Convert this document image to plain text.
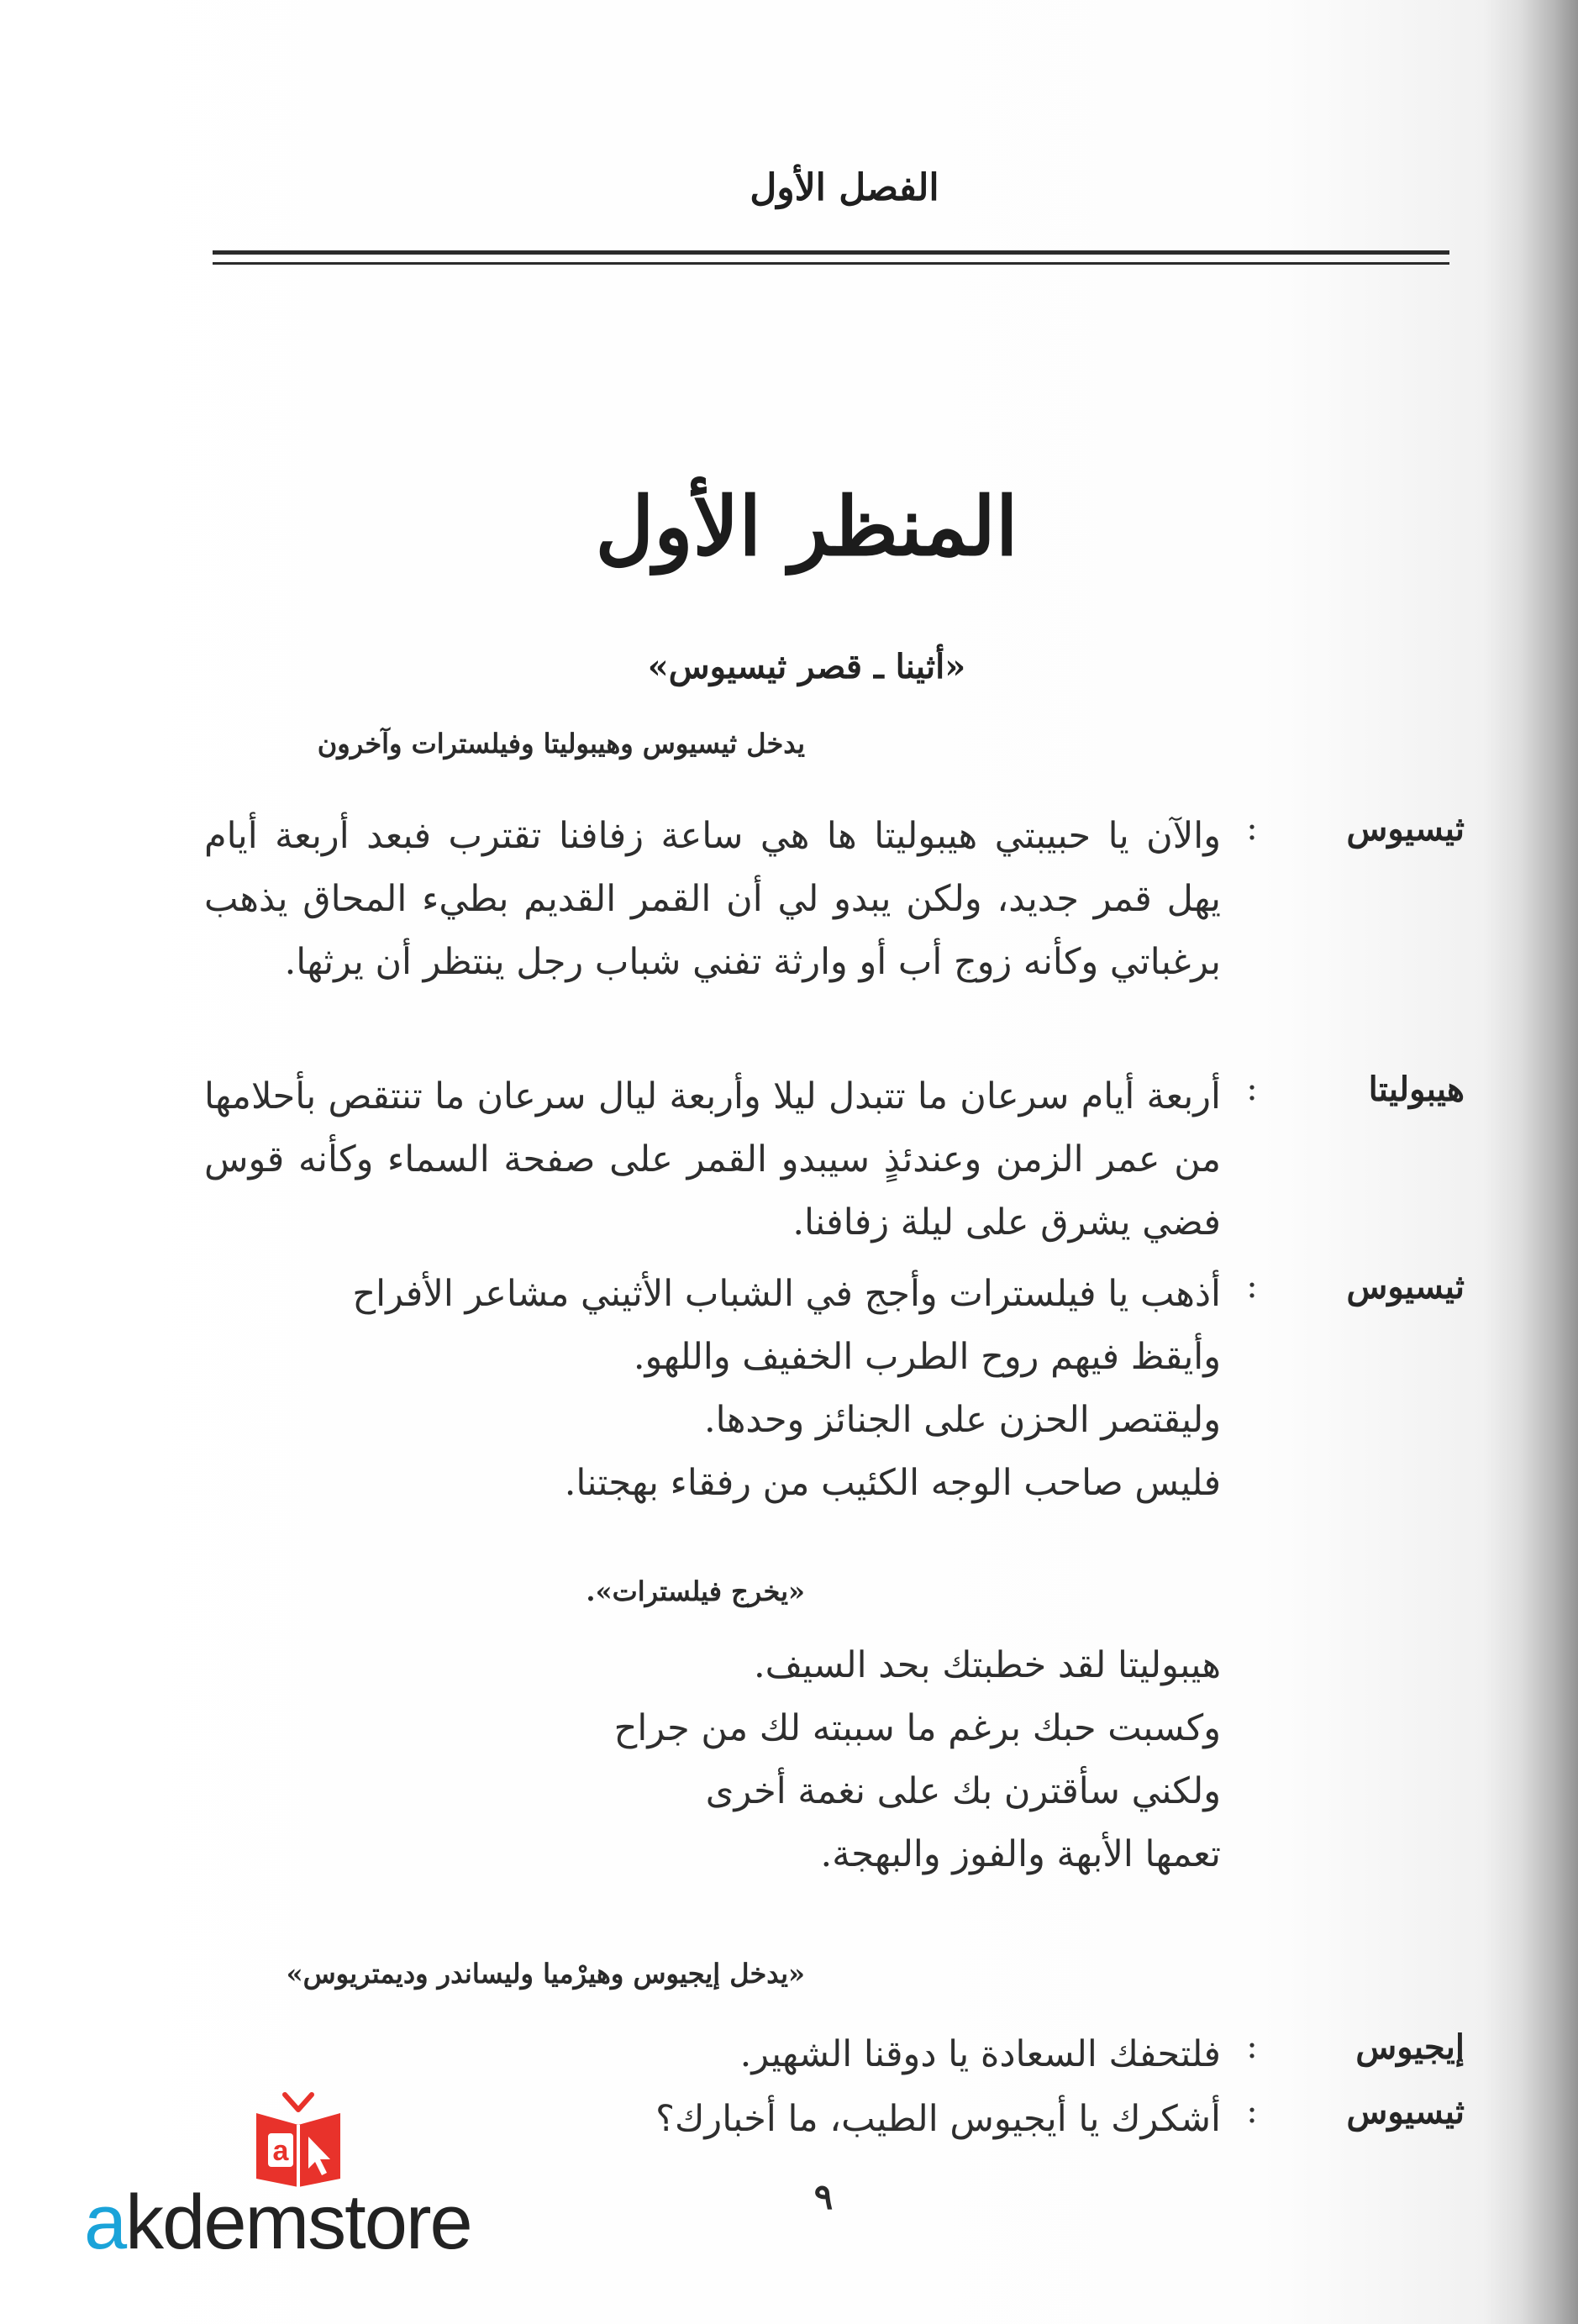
الفصل الأول
المنظر الأول
«أثينا ـ قصر ثيسيوس»
يدخل ثيسيوس وهيبوليتا وفيلسترات وآخرون
ثيسيوس
:
والآن يا حبيبتي هيبوليتا ها هي ساعة زفافنا تقترب فبعد أربعة أيام يهل قمر جديد، ولكن يبدو لي أن القمر القديم بطيء المحاق يذهب برغباتي وكأنه زوج أب أو وارثة تفني شباب رجل ينتظر أن يرثها.
هيبوليتا
:
أربعة أيام سرعان ما تتبدل ليلا وأربعة ليال سرعان ما تنتقص بأحلامها من عمر الزمن وعندئذٍ سيبدو القمر على صفحة السماء وكأنه قوس فضي يشرق على ليلة زفافنا.
ثيسيوس
:
أذهب يا فيلسترات وأجج في الشباب الأثيني مشاعر الأفراح
وأيقظ فيهم روح الطرب الخفيف واللهو.
وليقتصر الحزن على الجنائز وحدها.
فليس صاحب الوجه الكئيب من رفقاء بهجتنا.
«يخرج فيلسترات».
هيبوليتا لقد خطبتك بحد السيف.
وكسبت حبك برغم ما سببته لك من جراح
ولكني سأقترن بك على نغمة أخرى
تعمها الأبهة والفوز والبهجة.
«يدخل إيجيوس وهيرْميا وليساندر وديمتريوس»
إيجيوس
:
فلتحفك السعادة يا دوقنا الشهير.
ثيسيوس
:
أشكرك يا أيجيوس الطيب، ما أخبارك؟
٩
a
akdemstore
